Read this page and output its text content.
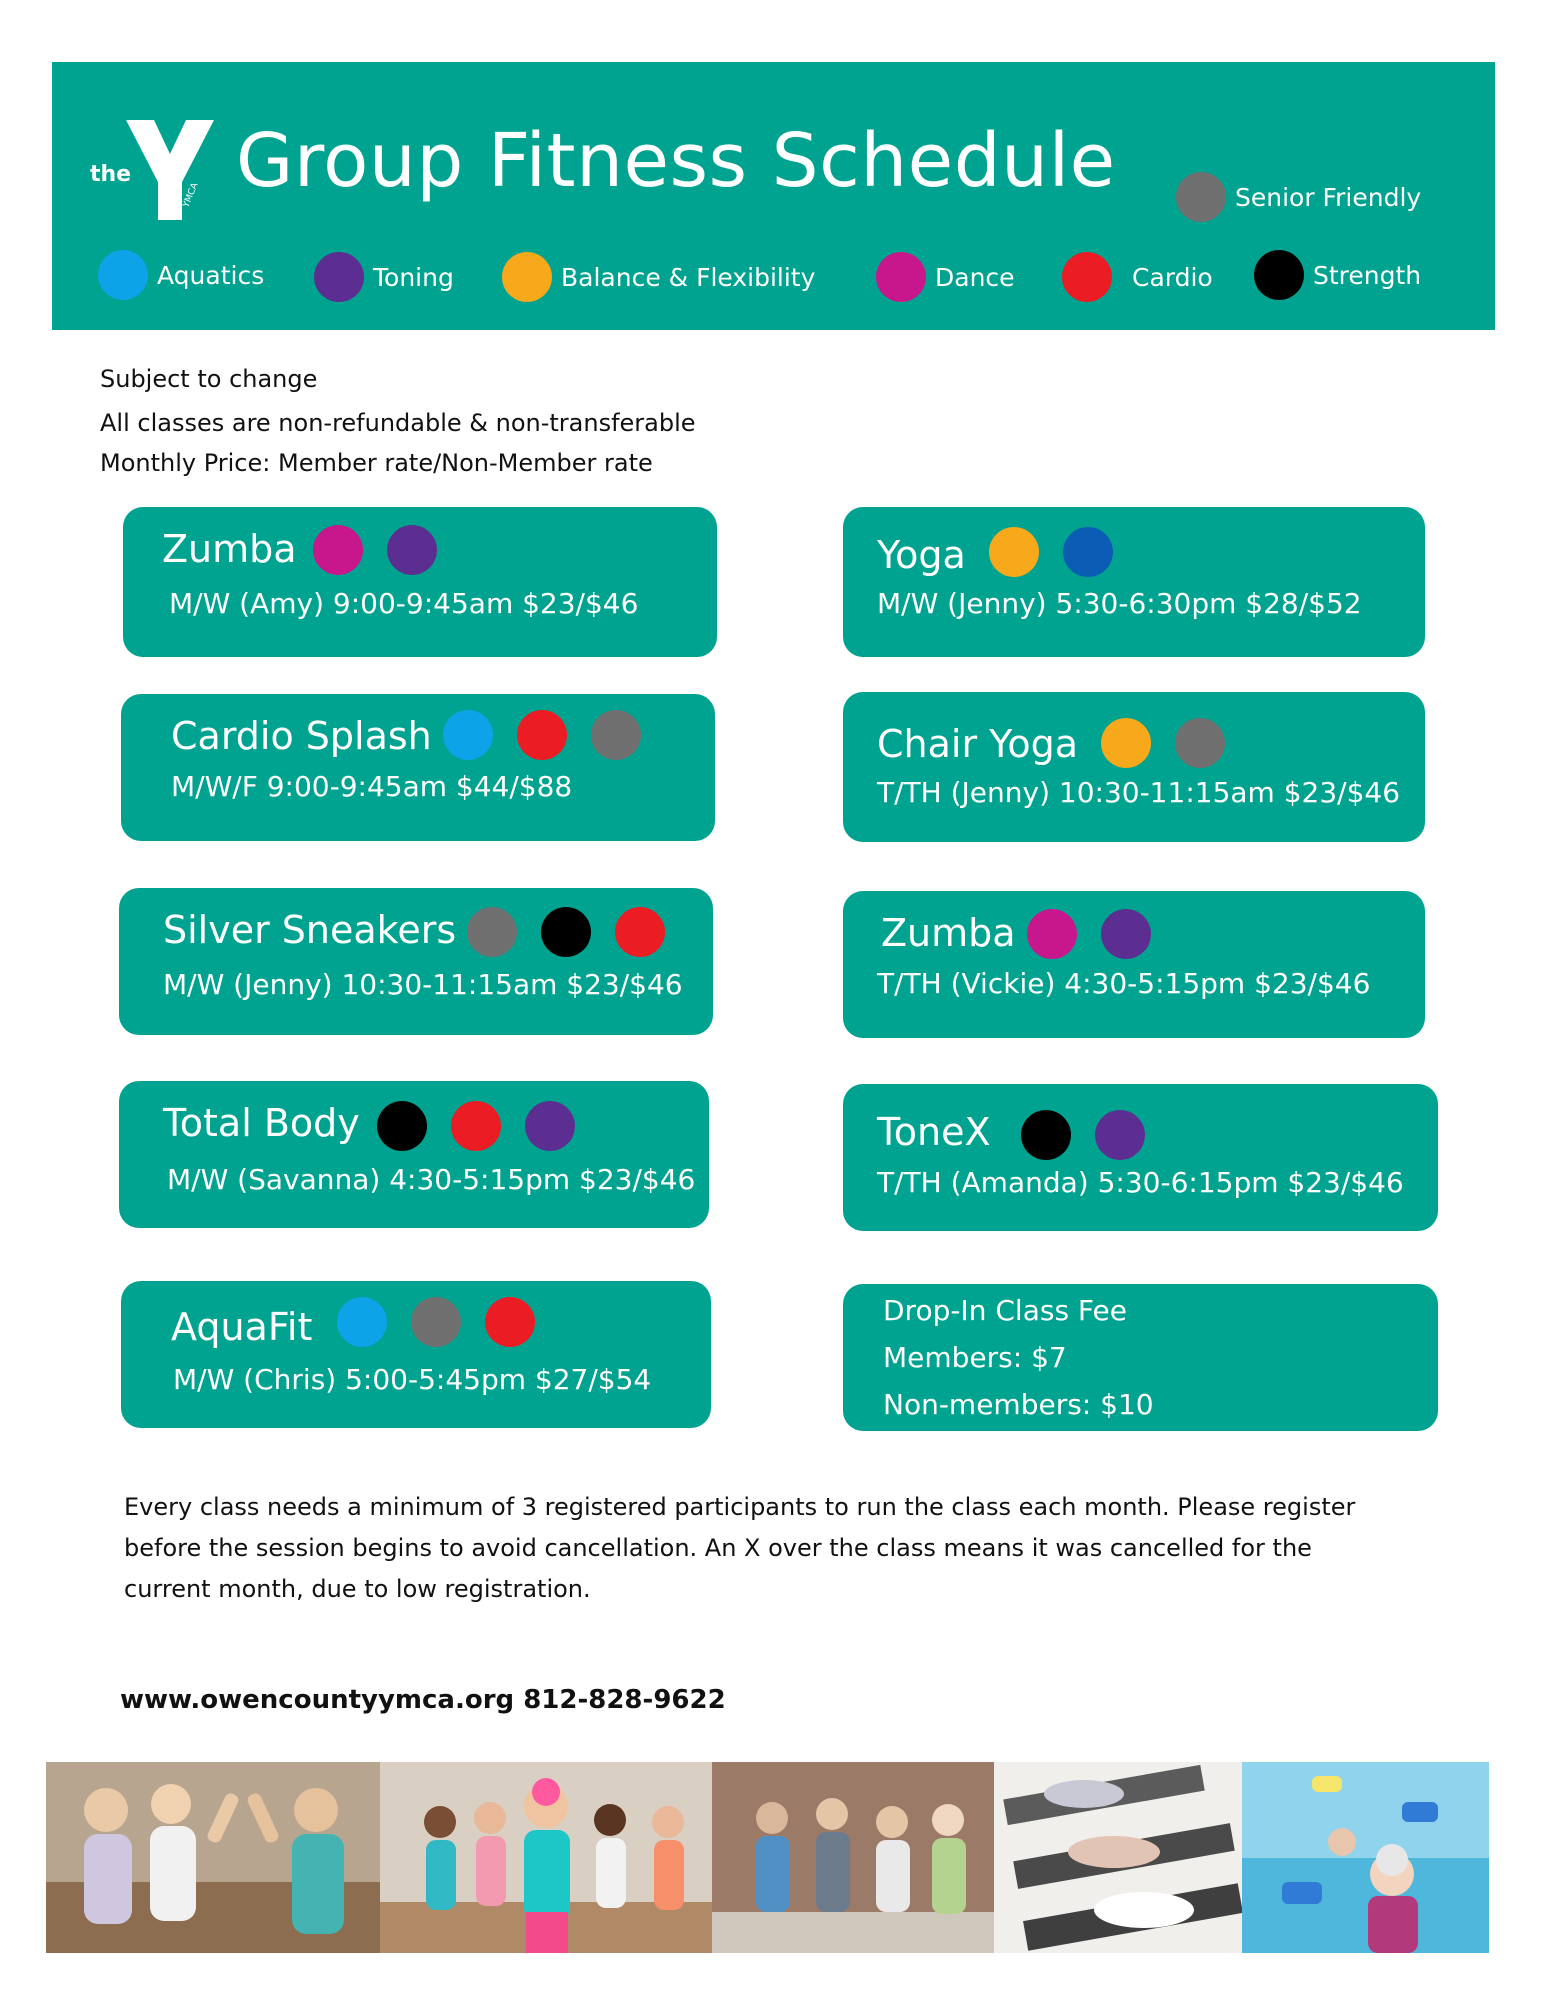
the
YMCA Group Fitness Schedule	Senior Friendly
Aquatics	Toning	Balance & Flexibility	Dance	Cardio	Strength
Subject to change
All classes are non-refundable & non-transferable
Monthly Price: Member rate/Non-Member rate
Zumba
M/W (Amy) 9:00-9:45am $23/$46
Cardio Splash
M/W/F 9:00-9:45am $44/$88
Silver Sneakers
M/W (Jenny) 10:30-11:15am $23/$46
Total Body
M/W (Savanna) 4:30-5:15pm $23/$46
AquaFit
M/W (Chris) 5:00-5:45pm $27/$54
Yoga
M/W (Jenny) 5:30-6:30pm $28/$52
Chair Yoga
T/TH (Jenny) 10:30-11:15am $23/$46
Zumba
T/TH (Vickie) 4:30-5:15pm $23/$46
ToneX
T/TH (Amanda) 5:30-6:15pm $23/$46
Drop-In Class Fee
Members: $7
Non-members: $10
Every class needs a minimum of 3 registered participants to run the class each month. Please register before the session begins to avoid cancellation. An X over the class means it was cancelled for the current month, due to low registration.
www.owencountyymca.org 812-828-9622
